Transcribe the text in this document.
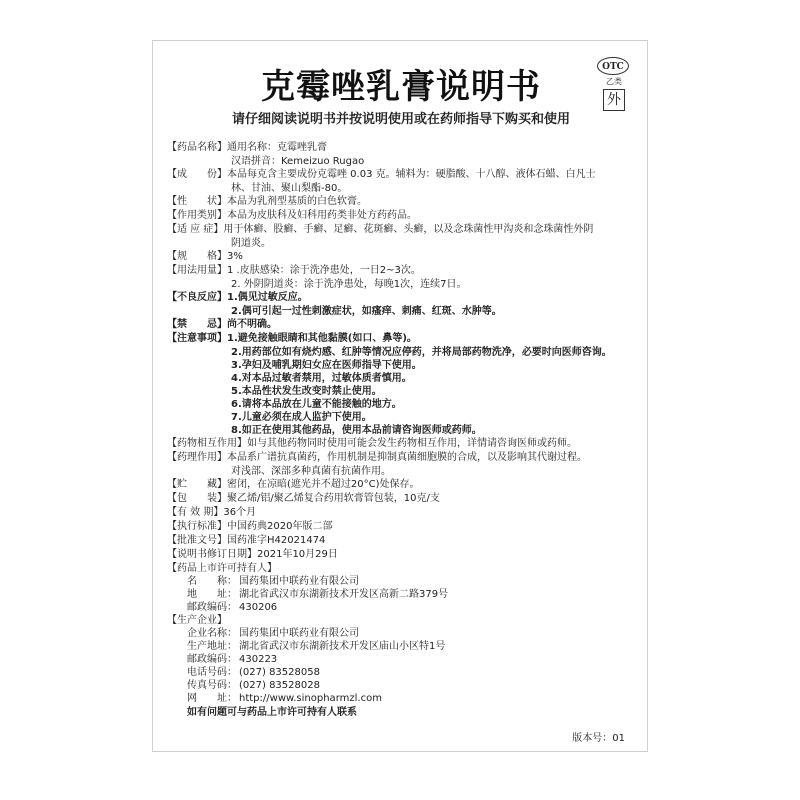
克霉唑乳膏说明书
请仔细阅读说明书并按说明使用或在药师指导下购买和使用
OTC
乙类
外
【药品名称】 通用名称：克霉唑乳膏
汉语拼音：Kemeizuo Rugao
【成　　份】 本品每克含主要成份克霉唑 0.03 克。辅料为：硬脂酸、十八醇、液体石蜡、白凡士
林、甘油、聚山梨酯-80。
【性　　状】 本品为乳剂型基质的白色软膏。
【作用类别】 本品为皮肤科及妇科用药类非处方药药品。
【适 应 症】 用于体癣、股癣、手癣、足癣、花斑癣、头癣，以及念珠菌性甲沟炎和念珠菌性外阴
阴道炎。
【规　　格】 3%
【用法用量】 1 .皮肤感染：涂于洗净患处，一日2~3次。
2. 外阴阴道炎：涂于洗净患处，每晚1次，连续7日。
【不良反应】 1.偶见过敏反应。
2.偶可引起一过性刺激症状，如瘙痒、刺痛、红斑、水肿等。
【禁　　忌】 尚不明确。
【注意事项】 1.避免接触眼睛和其他黏膜(如口、鼻等)。
2.用药部位如有烧灼感、红肿等情况应停药，并将局部药物洗净，必要时向医师咨询。
3.孕妇及哺乳期妇女应在医师指导下使用。
4.对本品过敏者禁用，过敏体质者慎用。
5.本品性状发生改变时禁止使用。
6.请将本品放在儿童不能接触的地方。
7.儿童必须在成人监护下使用。
8.如正在使用其他药品，使用本品前请咨询医师或药师。
【药物相互作用】 如与其他药物同时使用可能会发生药物相互作用，详情请咨询医师或药师。
【药理作用】 本品系广谱抗真菌药，作用机制是抑制真菌细胞膜的合成，以及影响其代谢过程。
对浅部、深部多种真菌有抗菌作用。
【贮　　藏】 密闭，在凉暗(遮光并不超过20°C)处保存。
【包　　装】 聚乙烯/铝/聚乙烯复合药用软膏管包装，10克/支
【有 效 期】 36个月
【执行标准】 中国药典2020年版二部
【批准文号】 国药准字H42021474
【说明书修订日期】 2021年10月29日
【药品上市许可持有人】
名　　称： 国药集团中联药业有限公司
地　　址： 湖北省武汉市东湖新技术开发区高新二路379号
邮政编码： 430206
【生产企业】
企业名称： 国药集团中联药业有限公司
生产地址： 湖北省武汉市东湖新技术开发区庙山小区特1号
邮政编码： 430223
电话号码： (027) 83528058
传真号码： (027) 83528028
网　　址： http://www.sinopharmzl.com
如有问题可与药品上市许可持有人联系
版本号：01
